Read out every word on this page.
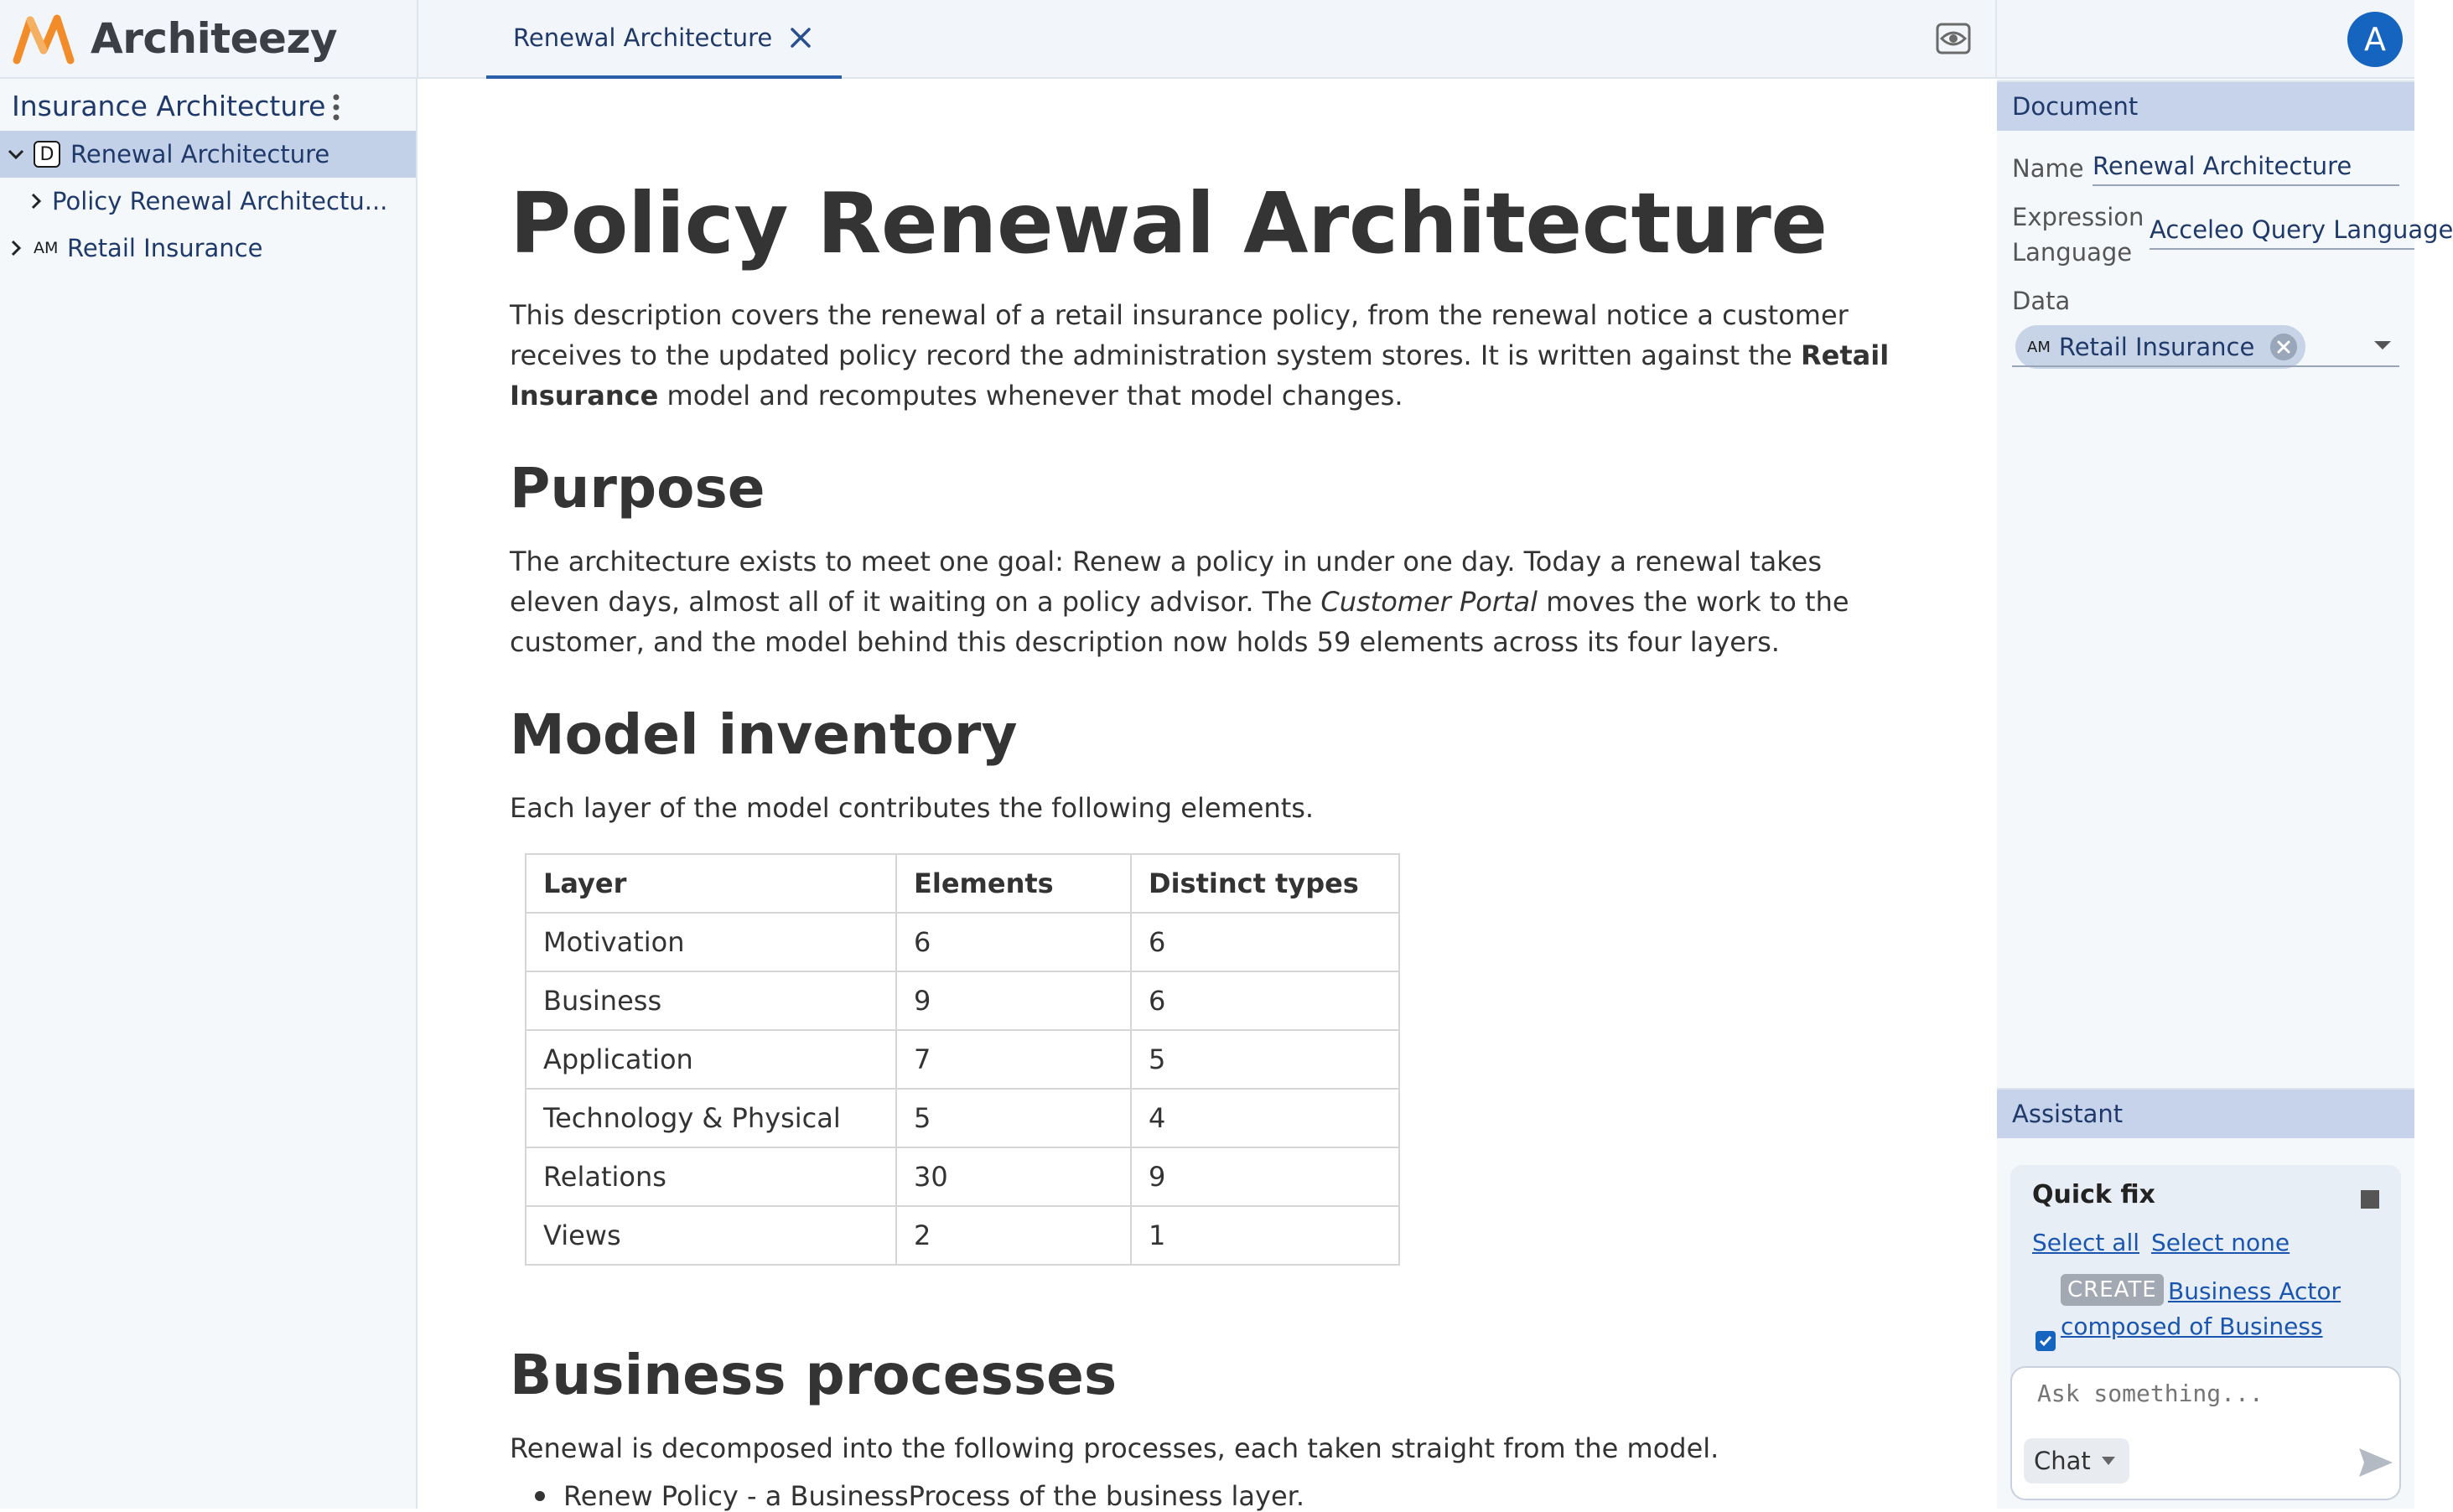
Architeezy	Renewal Architecture	A
Insurance Architecture
D Renewal Architecture
Policy Renewal Architectu...
AM Retail Insurance	Policy Renewal Architecture

This description covers the renewal of a retail insurance policy, from the renewal notice a customer receives to the updated policy record the administration system stores. It is written against the Retail Insurance model and recomputes whenever that model changes.

Purpose

The architecture exists to meet one goal: Renew a policy in under one day. Today a renewal takes eleven days, almost all of it waiting on a policy advisor. The Customer Portal moves the work to the customer, and the model behind this description now holds 59 elements across its four layers.

Model inventory

Each layer of the model contributes the following elements.

Layer	Elements	Distinct types
Motivation	6	6
Business	9	6
Application	7	5
Technology & Physical	5	4
Relations	30	9
Views	2	1
Business processes

Renewal is decomposed into the following processes, each taken straight from the model.

Renew Policy - a BusinessProcess of the business layer.
Document
Name Renewal Architecture
Expression
Language
Acceleo Query Language
Data
AM Retail Insurance
Assistant
Quick fix
Select all Select none
CREATE Business Actor
composed of Business
Ask something...
Chat
